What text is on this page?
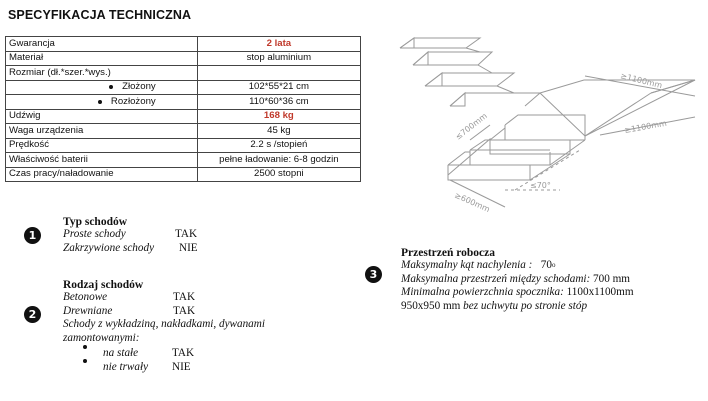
SPECYFIKACJA TECHNICZNA
Gwarancja	2 lata
Materiał	stop aluminium
Rozmiar (dł.*szer.*wys.)	

Złożony	102*55*21 cm

Rozłożony	110*60*36 cm
Udźwig	168 kg
Waga urządzenia	45 kg
Prędkość	2.2 s /stopień
Właściwość baterii	pełne ładowanie: 6-8 godzin
Czas pracy/naładowanie	2500 stopni
≥1100mm
≥1100mm
≤700mm
≤70°
≥600mm
1
Typ schodów
Proste schody	TAK
Zakrzywione schody	NIE
2
Rodzaj schodów
Betonowe	TAK
Drewniane	TAK
Schody z wykładziną, nakładkami, dywanami
zamontowanymi:
na stałe	TAK
nie trwały	NIE
3
Przestrzeń robocza
Maksymalny kąt nachylenia :
70 o
Maksymalna przestrzeń między schodami:
700 mm
Minimalna powierzchnia spocznika:
1100x1100mm
950x950 mm
bez uchwytu po stronie stóp
